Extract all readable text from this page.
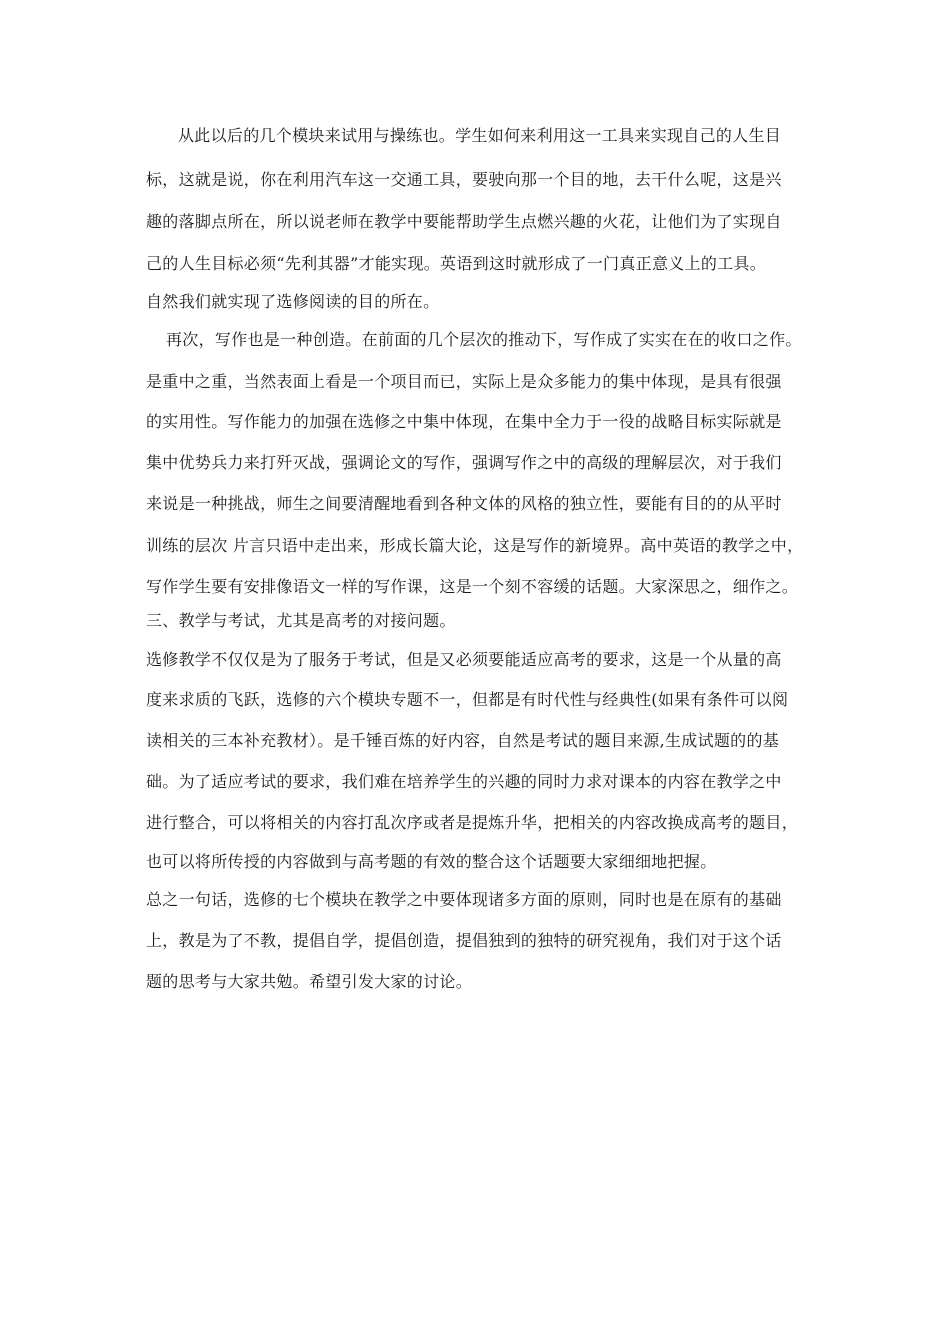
从此以后的几个模块来试用与操练也。学生如何来利用这一工具来实现自己的人生目
标，这就是说，你在利用汽车这一交通工具，要驶向那一个目的地，去干什么呢，这是兴
趣的落脚点所在，所以说老师在教学中要能帮助学生点燃兴趣的火花，让他们为了实现自
己的人生目标必须“先利其器”才能实现。英语到这时就形成了一门真正意义上的工具。
自然我们就实现了选修阅读的目的所在。
再次，写作也是一种创造。在前面的几个层次的推动下，写作成了实实在在的收口之作。
是重中之重，当然表面上看是一个项目而已，实际上是众多能力的集中体现，是具有很强
的实用性。写作能力的加强在选修之中集中体现，在集中全力于一役的战略目标实际就是
集中优势兵力来打歼灭战，强调论文的写作，强调写作之中的高级的理解层次，对于我们
来说是一种挑战，师生之间要清醒地看到各种文体的风格的独立性，要能有目的的从平时
训练的层次 片言只语中走出来，形成长篇大论，这是写作的新境界。高中英语的教学之中，
写作学生要有安排像语文一样的写作课，这是一个刻不容缓的话题。大家深思之，细作之。
三、教学与考试，尤其是高考的对接问题。
选修教学不仅仅是为了服务于考试，但是又必须要能适应高考的要求，这是一个从量的高
度来求质的飞跃，选修的六个模块专题不一，但都是有时代性与经典性(如果有条件可以阅
读相关的三本补充教材）。是千锤百炼的好内容，自然是考试的题目来源,生成试题的的基
础。为了适应考试的要求，我们难在培养学生的兴趣的同时力求对课本的内容在教学之中
进行整合，可以将相关的内容打乱次序或者是提炼升华，把相关的内容改换成高考的题目，
也可以将所传授的内容做到与高考题的有效的整合这个话题要大家细细地把握。
总之一句话，选修的七个模块在教学之中要体现诸多方面的原则，同时也是在原有的基础
上，教是为了不教，提倡自学，提倡创造，提倡独到的独特的研究视角，我们对于这个话
题的思考与大家共勉。希望引发大家的讨论。
